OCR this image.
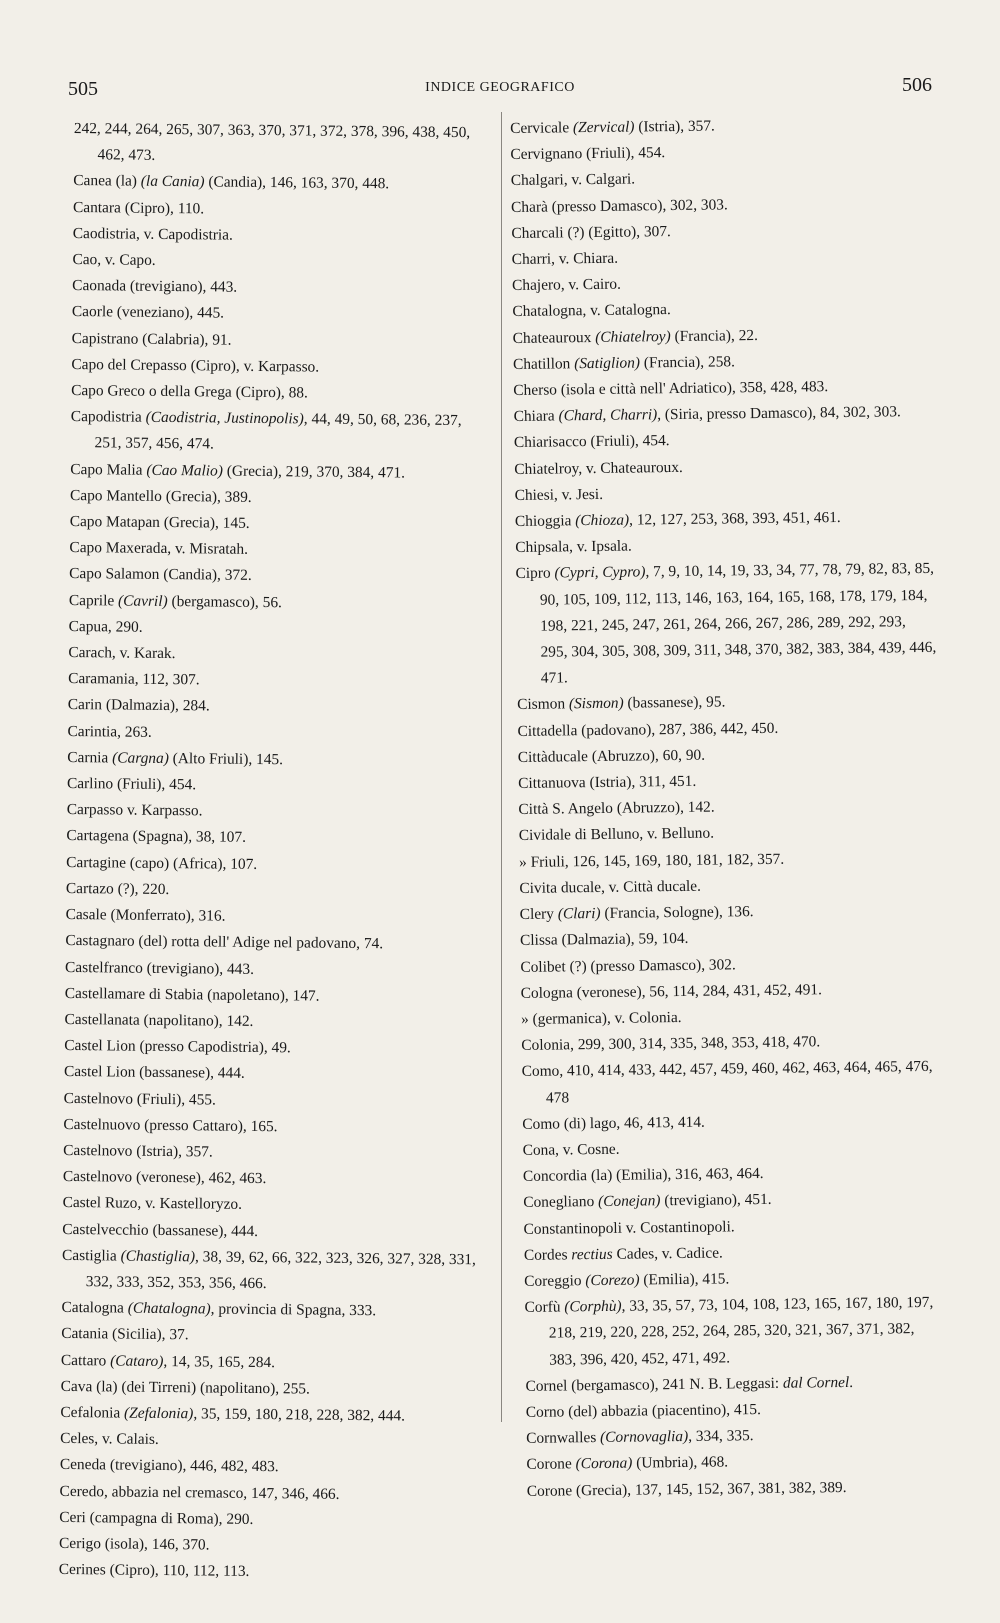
505	INDICE GEOGRAFICO	506
242, 244, 264, 265, 307, 363, 370, 371, 372, 378, 396, 438, 450, 462, 473.
Canea (la) (la Cania) (Candia), 146, 163, 370, 448.
Cantara (Cipro), 110.
Caodistria, v. Capodistria.
Cao, v. Capo.
Caonada (trevigiano), 443.
Caorle (veneziano), 445.
Capistrano (Calabria), 91.
Capo del Crepasso (Cipro), v. Karpasso.
Capo Greco o della Grega (Cipro), 88.
Capodistria (Caodistria, Justinopolis), 44, 49, 50, 68, 236, 237, 251, 357, 456, 474.
Capo Malia (Cao Malio) (Grecia), 219, 370, 384, 471.
Capo Mantello (Grecia), 389.
Capo Matapan (Grecia), 145.
Capo Maxerada, v. Misratah.
Capo Salamon (Candia), 372.
Caprile (Cavril) (bergamasco), 56.
Capua, 290.
Carach, v. Karak.
Caramania, 112, 307.
Carin (Dalmazia), 284.
Carintia, 263.
Carnia (Cargna) (Alto Friuli), 145.
Carlino (Friuli), 454.
Carpasso v. Karpasso.
Cartagena (Spagna), 38, 107.
Cartagine (capo) (Africa), 107.
Cartazo (?), 220.
Casale (Monferrato), 316.
Castagnaro (del) rotta dell' Adige nel padovano, 74.
Castelfranco (trevigiano), 443.
Castellamare di Stabia (napoletano), 147.
Castellanata (napolitano), 142.
Castel Lion (presso Capodistria), 49.
Castel Lion (bassanese), 444.
Castelnovo (Friuli), 455.
Castelnuovo (presso Cattaro), 165.
Castelnovo (Istria), 357.
Castelnovo (veronese), 462, 463.
Castel Ruzo, v. Kastelloryzo.
Castelvecchio (bassanese), 444.
Castiglia (Chastiglia), 38, 39, 62, 66, 322, 323, 326, 327, 328, 331, 332, 333, 352, 353, 356, 466.
Catalogna (Chatalogna), provincia di Spagna, 333.
Catania (Sicilia), 37.
Cattaro (Cataro), 14, 35, 165, 284.
Cava (la) (dei Tirreni) (napolitano), 255.
Cefalonia (Zefalonia), 35, 159, 180, 218, 228, 382, 444.
Celes, v. Calais.
Ceneda (trevigiano), 446, 482, 483.
Ceredo, abbazia nel cremasco, 147, 346, 466.
Ceri (campagna di Roma), 290.
Cerigo (isola), 146, 370.
Cerines (Cipro), 110, 112, 113.
Cervicale (Zervical) (Istria), 357.
Cervignano (Friuli), 454.
Chalgari, v. Calgari.
Charà (presso Damasco), 302, 303.
Charcali (?) (Egitto), 307.
Charri, v. Chiara.
Chajero, v. Cairo.
Chatalogna, v. Catalogna.
Chateauroux (Chiatelroy) (Francia), 22.
Chatillon (Satiglion) (Francia), 258.
Cherso (isola e città nell' Adriatico), 358, 428, 483.
Chiara (Chard, Charri), (Siria, presso Damasco), 84, 302, 303.
Chiarisacco (Friuli), 454.
Chiatelroy, v. Chateauroux.
Chiesi, v. Jesi.
Chioggia (Chioza), 12, 127, 253, 368, 393, 451, 461.
Chipsala, v. Ipsala.
Cipro (Cypri, Cypro), 7, 9, 10, 14, 19, 33, 34, 77, 78, 79, 82, 83, 85, 90, 105, 109, 112, 113, 146, 163, 164, 165, 168, 178, 179, 184, 198, 221, 245, 247, 261, 264, 266, 267, 286, 289, 292, 293, 295, 304, 305, 308, 309, 311, 348, 370, 382, 383, 384, 439, 446, 471.
Cismon (Sismon) (bassanese), 95.
Cittadella (padovano), 287, 386, 442, 450.
Cittàducale (Abruzzo), 60, 90.
Cittanuova (Istria), 311, 451.
Città S. Angelo (Abruzzo), 142.
Cividale di Belluno, v. Belluno.
» Friuli, 126, 145, 169, 180, 181, 182, 357.
Civita ducale, v. Città ducale.
Clery (Clari) (Francia, Sologne), 136.
Clissa (Dalmazia), 59, 104.
Colibet (?) (presso Damasco), 302.
Cologna (veronese), 56, 114, 284, 431, 452, 491.
» (germanica), v. Colonia.
Colonia, 299, 300, 314, 335, 348, 353, 418, 470.
Como, 410, 414, 433, 442, 457, 459, 460, 462, 463, 464, 465, 476, 478
Como (di) lago, 46, 413, 414.
Cona, v. Cosne.
Concordia (la) (Emilia), 316, 463, 464.
Conegliano (Conejan) (trevigiano), 451.
Constantinopoli v. Costantinopoli.
Cordes rectius Cades, v. Cadice.
Coreggio (Corezo) (Emilia), 415.
Corfù (Corphù), 33, 35, 57, 73, 104, 108, 123, 165, 167, 180, 197, 218, 219, 220, 228, 252, 264, 285, 320, 321, 367, 371, 382, 383, 396, 420, 452, 471, 492.
Cornel (bergamasco), 241 N. B. Leggasi: dal Cornel.
Corno (del) abbazia (piacentino), 415.
Cornwalles (Cornovaglia), 334, 335.
Corone (Corona) (Umbria), 468.
Corone (Grecia), 137, 145, 152, 367, 381, 382, 389.
